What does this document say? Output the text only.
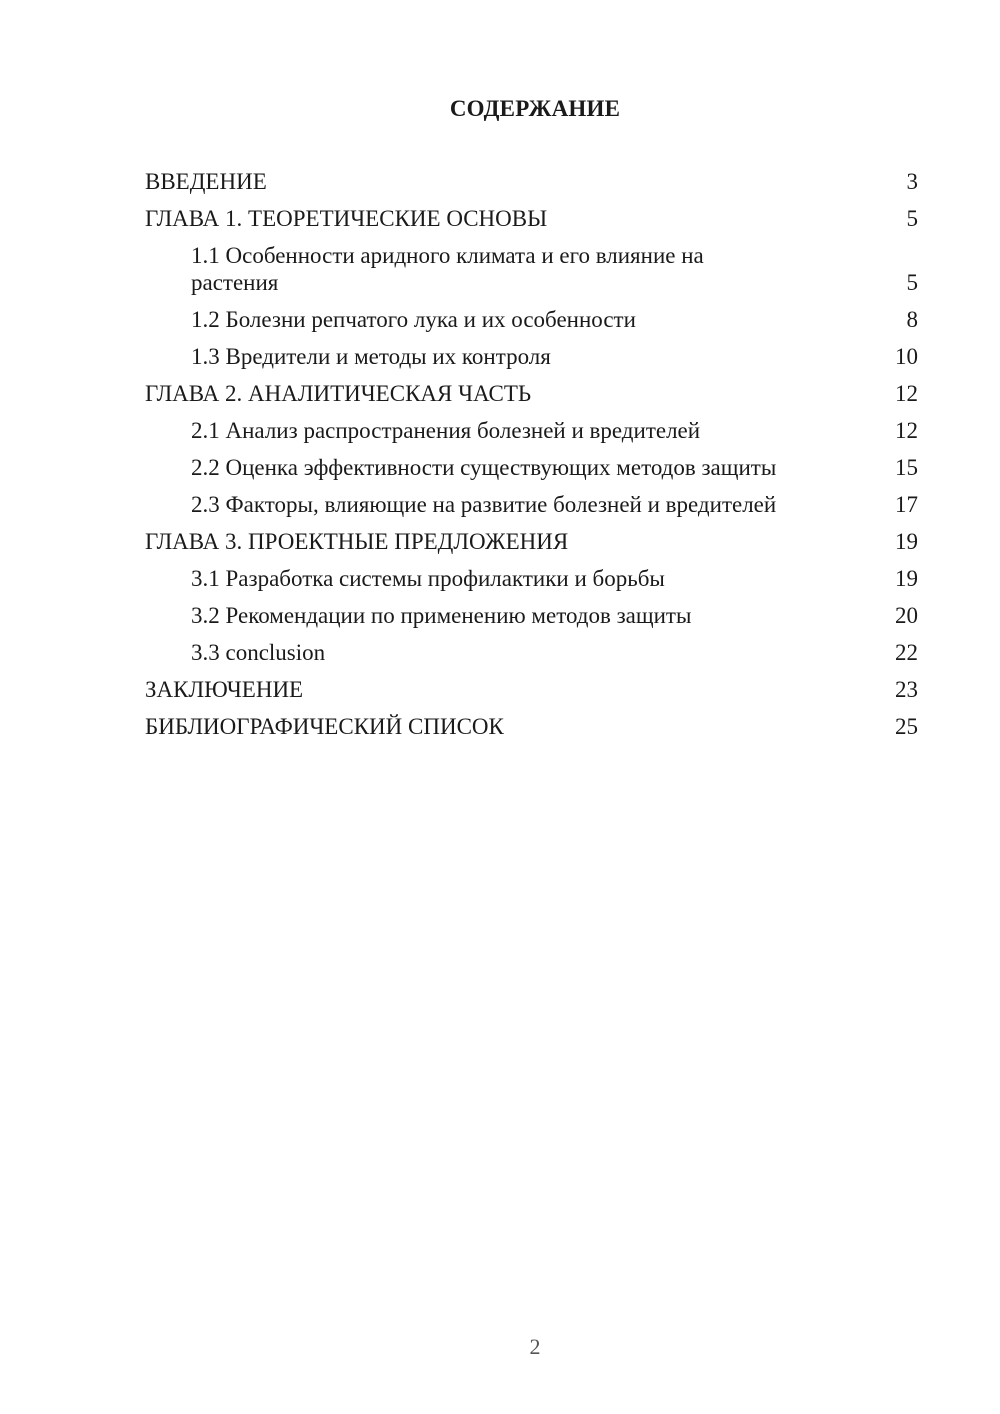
СОДЕРЖАНИЕ
ВВЕДЕНИЕ	3
ГЛАВА 1. ТЕОРЕТИЧЕСКИЕ ОСНОВЫ	5
1.1 Особенности аридного климата и его влияние на растения	5
1.2 Болезни репчатого лука и их особенности	8
1.3 Вредители и методы их контроля	10
ГЛАВА 2. АНАЛИТИЧЕСКАЯ ЧАСТЬ	12
2.1 Анализ распространения болезней и вредителей	12
2.2 Оценка эффективности существующих методов защиты	15
2.3 Факторы, влияющие на развитие болезней и вредителей	17
ГЛАВА 3. ПРОЕКТНЫЕ ПРЕДЛОЖЕНИЯ	19
3.1 Разработка системы профилактики и борьбы	19
3.2 Рекомендации по применению методов защиты	20
3.3 conclusion	22
ЗАКЛЮЧЕНИЕ	23
БИБЛИОГРАФИЧЕСКИЙ СПИСОК	25
2
